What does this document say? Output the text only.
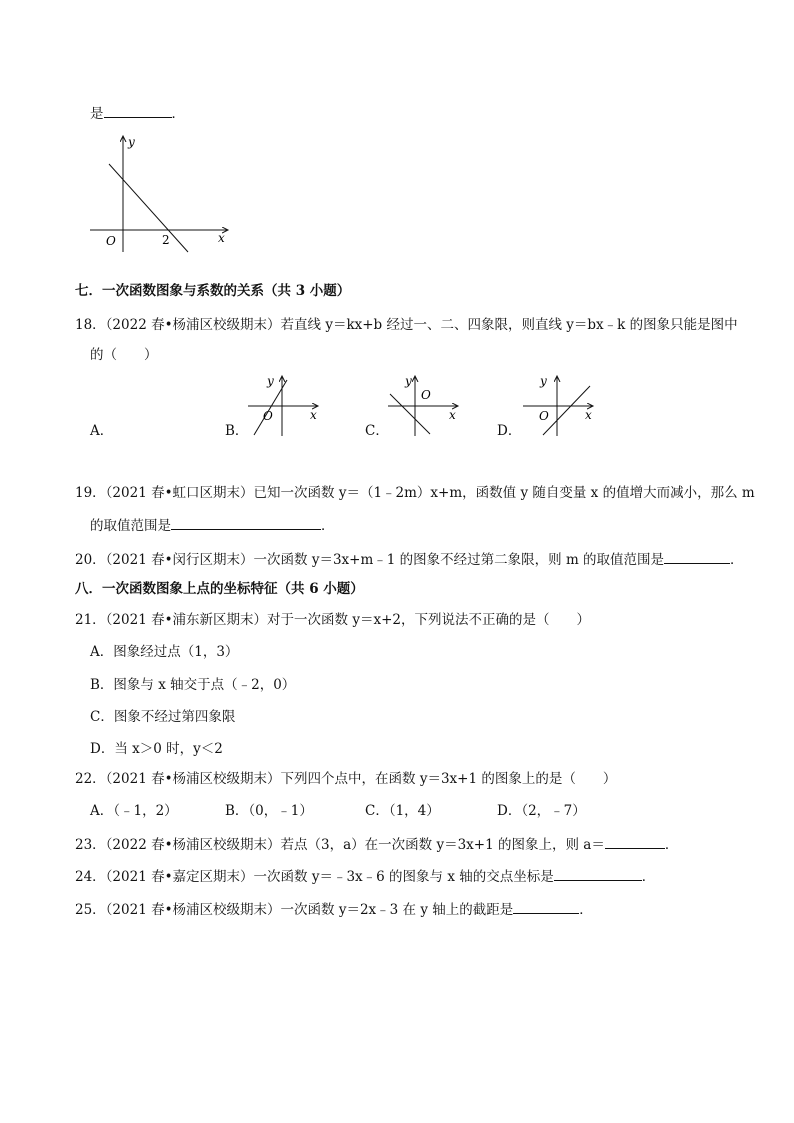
是	．
y
x
O	2
七．一次函数图象与系数的关系（共 3 小题）
18．（2022 春•杨浦区校级期末）若直线 y＝kx+b 经过一、二、四象限，则直线 y＝bx﹣k 的图象只能是图中
的（　　）
A．
y
x
O
B．
y
x
O
C．
y
x
O
D．
19．（2021 春•虹口区期末）已知一次函数 y＝（1﹣2m）x+m，函数值 y 随自变量 x 的值增大而减小，那么 m
的取值范围是	．
20．（2021 春•闵行区期末）一次函数 y＝3x+m﹣1 的图象不经过第二象限，则 m 的取值范围是	．
八．一次函数图象上点的坐标特征（共 6 小题）
21．（2021 春•浦东新区期末）对于一次函数 y＝x+2，下列说法不正确的是（　　）
A．图象经过点（1，3）
B．图象与 x 轴交于点（﹣2，0）
C．图象不经过第四象限
D．当 x＞0 时，y＜2
22．（2021 春•杨浦区校级期末）下列四个点中，在函数 y＝3x+1 的图象上的是（　　）
A．（﹣1，2）	B．（0，﹣1）	C．（1，4）	D．（2，﹣7）
23．（2022 春•杨浦区校级期末）若点（3，a）在一次函数 y＝3x+1 的图象上，则 a＝	．
24．（2021 春•嘉定区期末）一次函数 y＝﹣3x﹣6 的图象与 x 轴的交点坐标是	．
25．（2021 春•杨浦区校级期末）一次函数 y＝2x﹣3 在 y 轴上的截距是	．
